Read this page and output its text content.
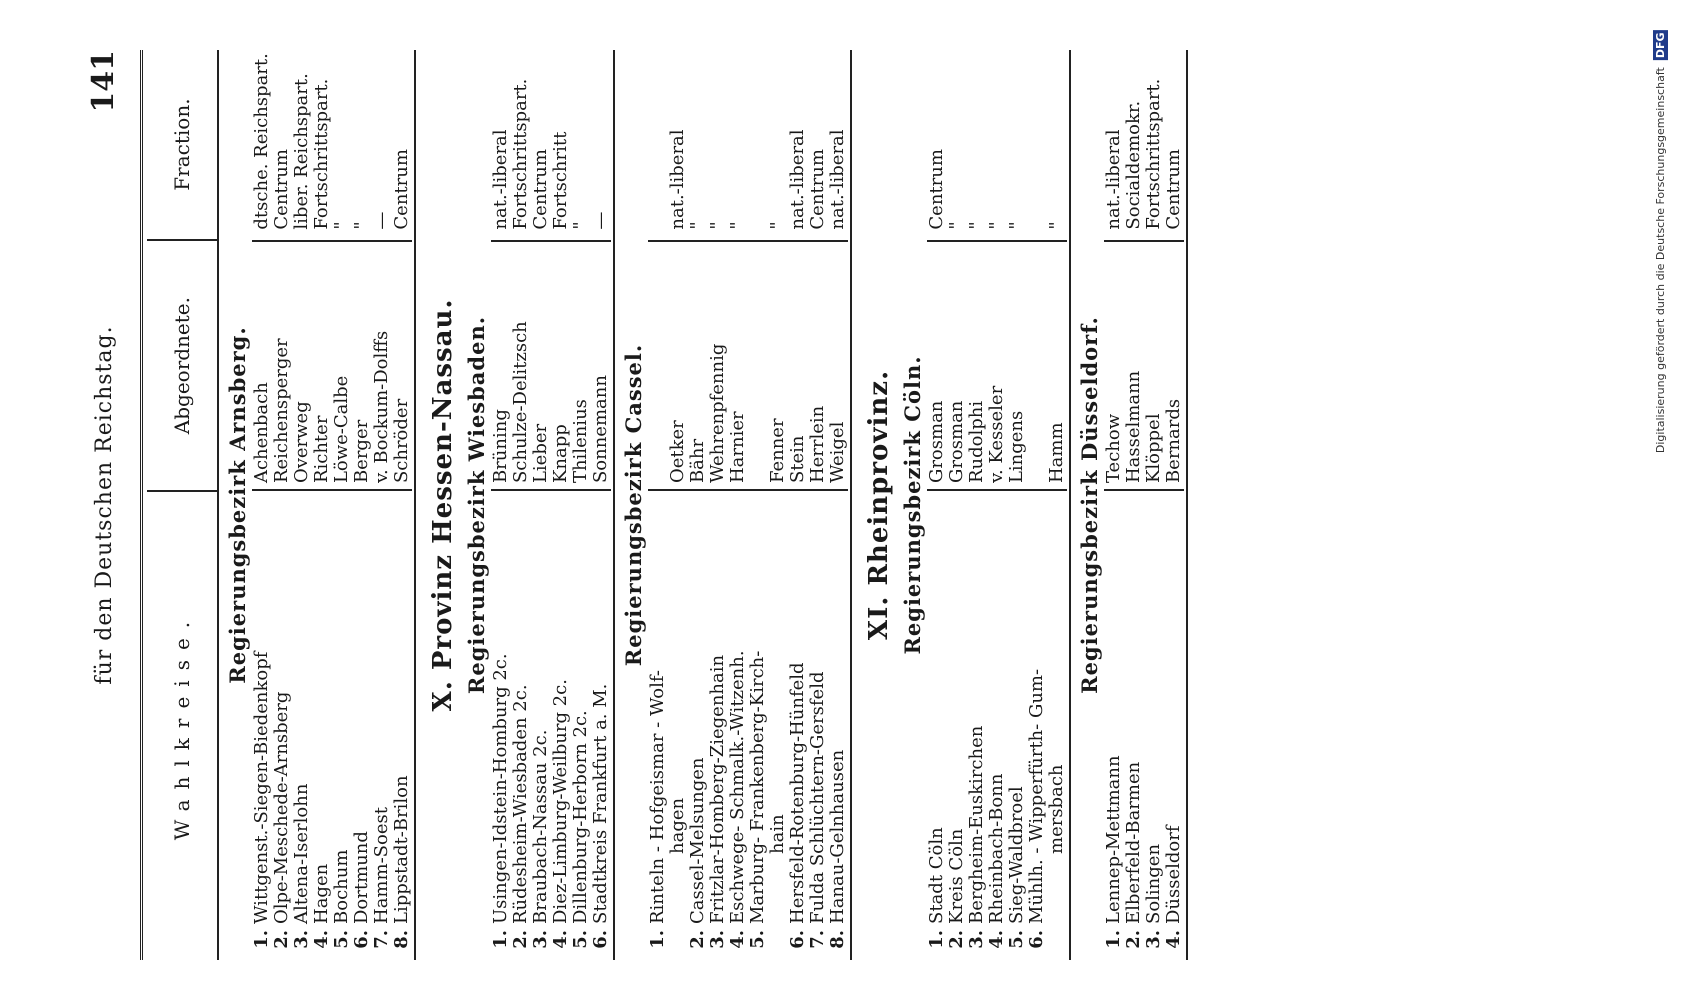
für den Deutschen Reichstag.
141
Wahlkreise.
Abgeordnete.
Fraction.
Regierungsbezirk Arnsberg.
1.
Wittgenst.-Siegen-Biedenkopf
2.
Olpe-Meschede-Arnsberg
3.
Altena-Iserlohn
4.
Hagen
5.
Bochum
6.
Dortmund
7.
Hamm-Soest
8.
Lippstadt-Brilon
Achenbach Reichensperger Overweg Richter Löwe-Calbe Berger v. Bockum-Dolffs Schröder
dtsche. Reichspart. Centrum liber. Reichspart. Fortschrittspart. " " — Centrum
X. Provinz Hessen-Nassau. Regierungsbezirk Wiesbaden.
1.
Usingen-Idstein-Homburg 2c.
2.
Rüdesheim-Wiesbaden 2c.
3.
Braubach-Nassau 2c.
4.
Diez-Limburg-Weilburg 2c.
5.
Dillenburg-Herborn 2c.
6.
Stadtkreis Frankfurt a. M.
Brüning Schulze-Delitzsch Lieber Knapp Thilenius Sonnemann
nat.-liberal Fortschrittspart. Centrum Fortschritt " —
Regierungsbezirk Cassel.
1.
Rinteln - Hofgeismar - Wolf- hagen
2.
Cassel-Melsungen
3.
Fritzlar-Homberg-Ziegenhain
4.
Eschwege- Schmalk.-Witzenh.
5.
Marburg- Frankenberg-Kirch- hain
6.
Hersfeld-Rotenburg-Hünfeld
7.
Fulda Schlüchtern-Gersfeld
8.
Hanau-Gelnhausen
Oetker Bähr Wehrenpfennig Harnier Fenner Stein Herrlein Weigel
nat.-liberal " " " " nat.-liberal Centrum nat.-liberal
XI. Rheinprovinz. Regierungsbezirk Cöln.
1.
Stadt Cöln
2.
Kreis Cöln
3.
Bergheim-Euskirchen
4.
Rheinbach-Bonn
5.
Sieg-Waldbroel
6.
Mühlh. - Wipperfürth- Gum- mersbach
Grosman Grosman Rudolphi v. Kesseler Lingens Hamm
Centrum " " " " "
Regierungsbezirk Düsseldorf.
1.
Lennep-Mettmann
2.
Elberfeld-Barmen
3.
Solingen
4.
Düsseldorf
Techow Hasselmann Klöppel Bernards
nat.-liberal Socialdemokr. Fortschrittspart. Centrum	Digitalisierung gefördert durch die Deutsche Forschungsgemeinschaft DFG
